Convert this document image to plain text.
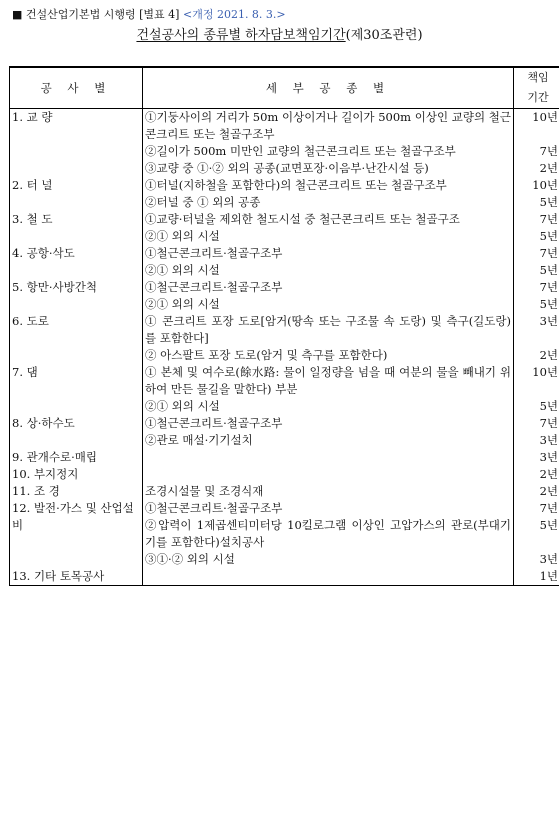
■ 건설산업기본법 시행령 [별표 4] <개정 2021. 8. 3.>
건설공사의 종류별 하자담보책임기간(제30조관련)
공 사 별	세 부 공 종 별	책임
기간

1. 교 량	①기둥사이의 거리가 50m 이상이거나 길이가 500m 이상인 교량의 철근콘크리트 또는 철골구조부	10년
	②길이가 500m 미만인 교량의 철근콘크리트 또는 철골구조부	7년
	③교량 중 ①·② 외의 공종(교면포장·이음부·난간시설 등)	2년
2. 터 널	①터널(지하철을 포함한다)의 철근콘크리트 또는 철골구조부	10년
	②터널 중 ① 외의 공종	5년
3. 철 도	①교량·터널을 제외한 철도시설 중 철근콘크리트 또는 철골구조	7년
	②① 외의 시설	5년
4. 공항·삭도	①철근콘크리트·철골구조부	7년
	②① 외의 시설	5년
5. 항만·사방간척	①철근콘크리트·철골구조부	7년
	②① 외의 시설	5년
6. 도로	① 콘크리트 포장 도로[암거(땅속 또는 구조물 속 도랑) 및 측구(길도랑)를 포함한다]	3년
	② 아스팔트 포장 도로(암거 및 측구를 포함한다)	2년
7. 댐	① 본체 및 여수로(餘水路: 물이 일정량을 넘을 때 여분의 물을 빼내기 위하여 만든 물길을 말한다) 부분	10년
	②① 외의 시설	5년
8. 상·하수도	①철근콘크리트·철골구조부	7년
	②관로 매설·기기설치	3년
9. 관개수로·매립		3년
10. 부지정지		2년
11. 조 경	조경시설물 및 조경식재	2년
12. 발전·가스 및 산업설비	①철근콘크리트·철골구조부	7년
	②압력이 1제곱센티미터당 10킬로그램 이상인 고압가스의 관로(부대기기를 포함한다)설치공사	5년
	③①·② 외의 시설	3년
13. 기타 토목공사		1년
